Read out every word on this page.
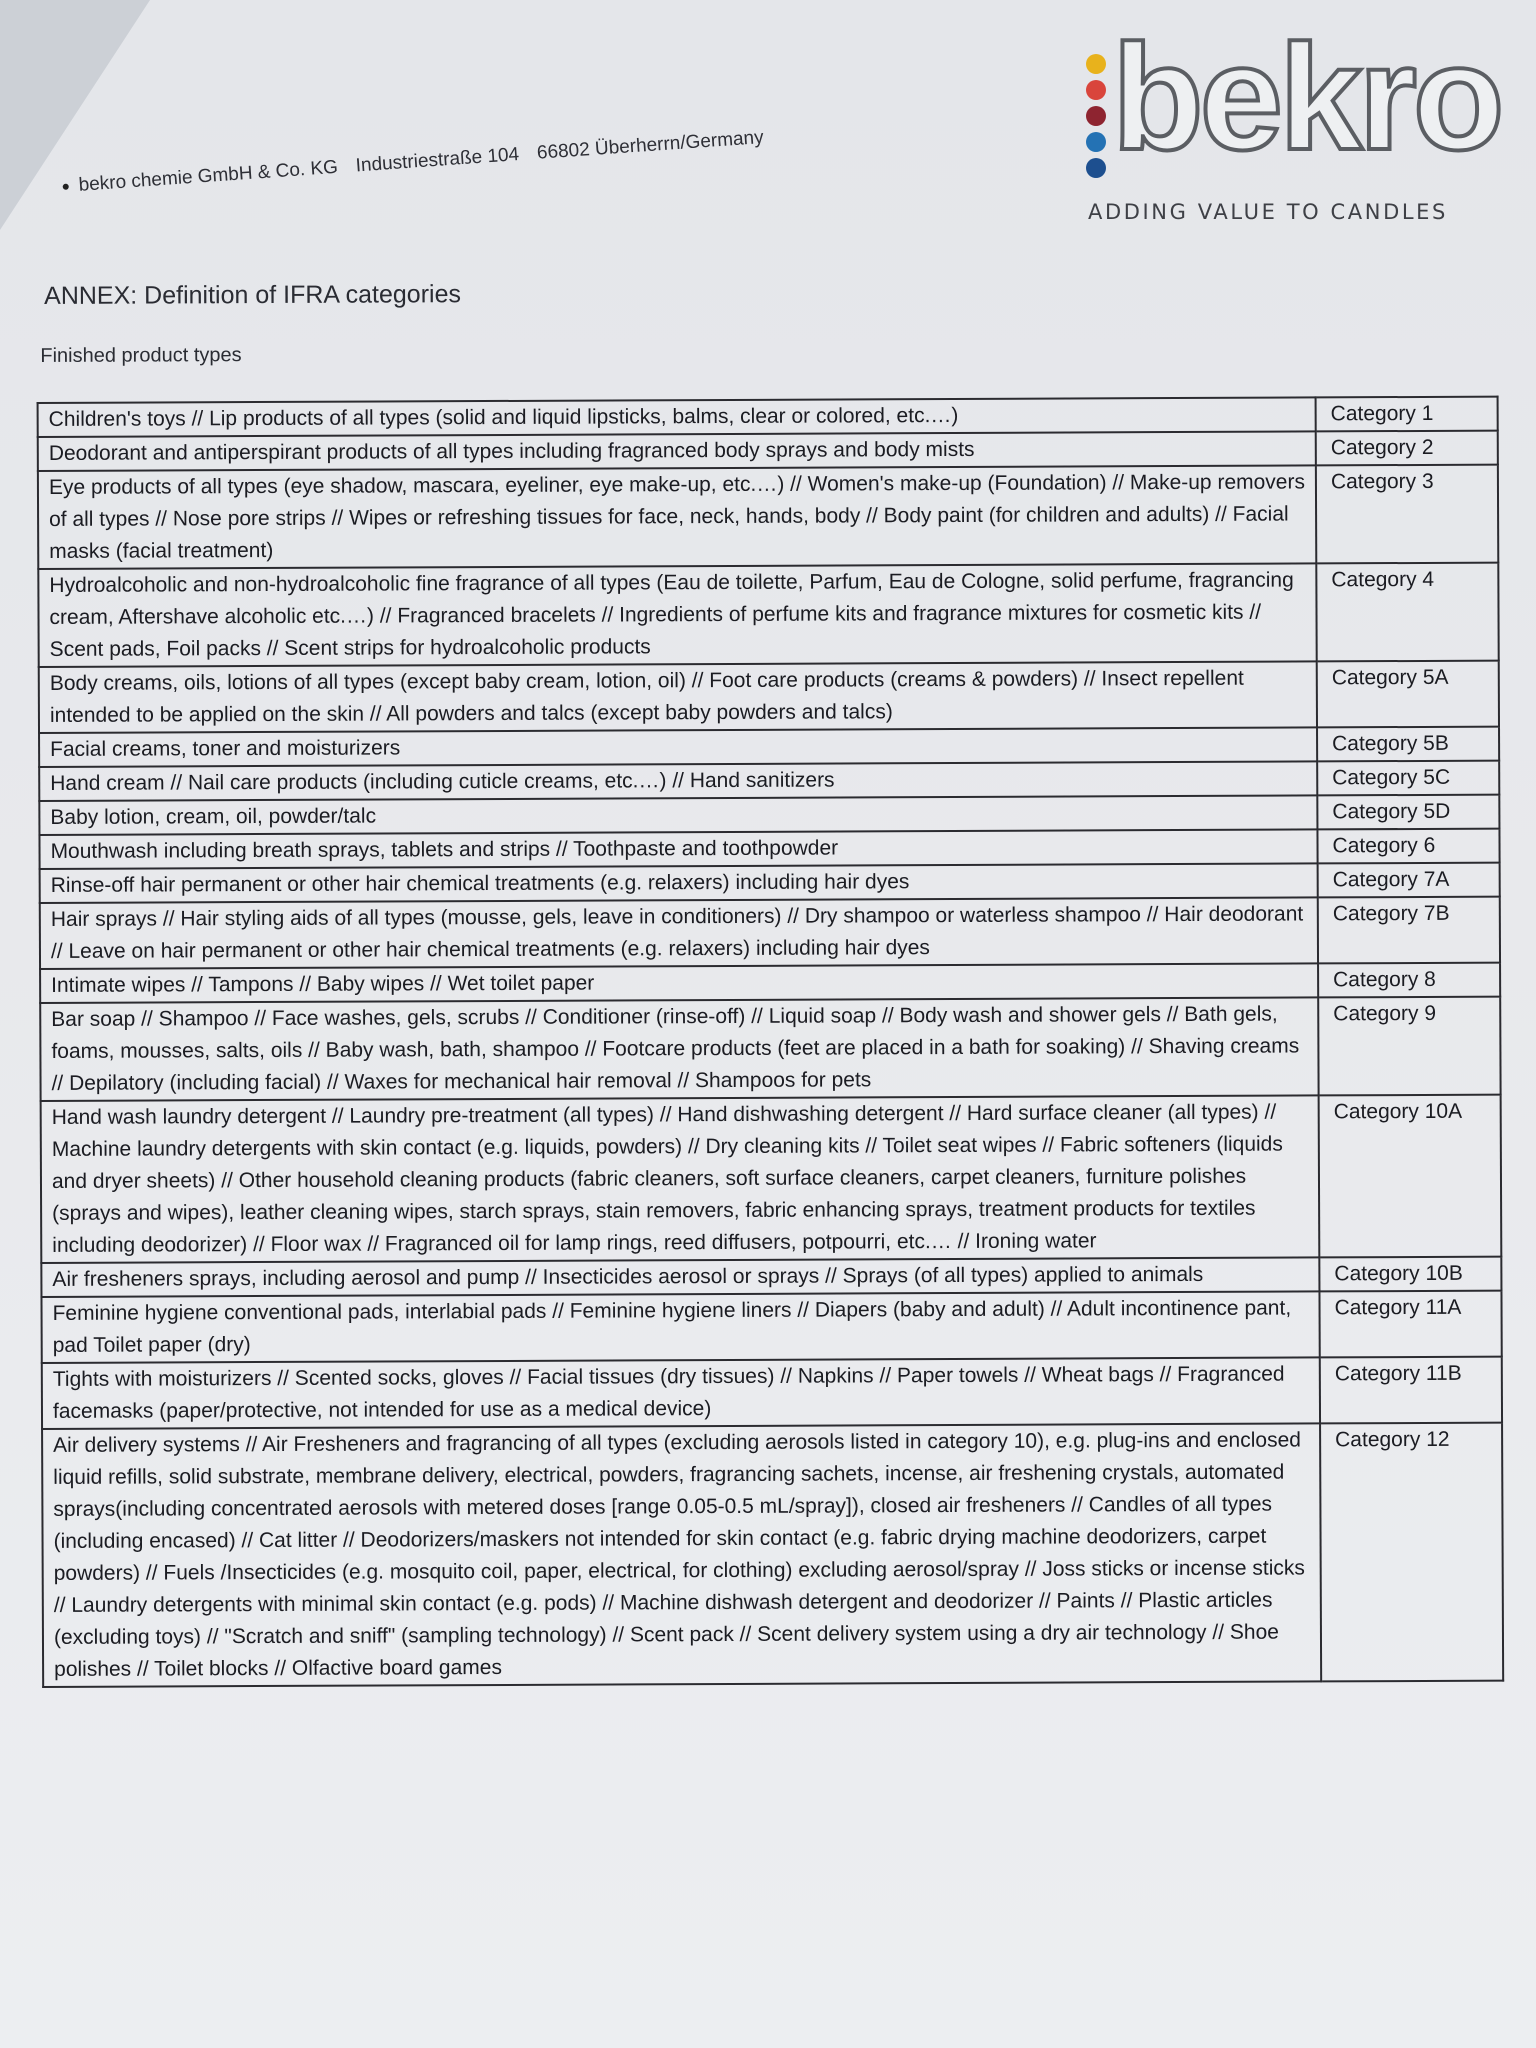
bekro chemie GmbH & Co. KG Industriestraße 104 66802 Überherrn/Germany bekro
ADDING VALUE TO CANDLES
ANNEX: Definition of IFRA categories
Finished product types
Children's toys // Lip products of all types (solid and liquid lipsticks, balms, clear or colored, etc.…)	Category 1
Deodorant and antiperspirant products of all types including fragranced body sprays and body mists	Category 2
Eye products of all types (eye shadow, mascara, eyeliner, eye make-up, etc.…) // Women's make-up (Foundation) // Make-up removers of all types // Nose pore strips // Wipes or refreshing tissues for face, neck, hands, body // Body paint (for children and adults) // Facial masks (facial treatment)	Category 3
Hydroalcoholic and non-hydroalcoholic fine fragrance of all types (Eau de toilette, Parfum, Eau de Cologne, solid perfume, fragrancing cream, Aftershave alcoholic etc.…) // Fragranced bracelets // Ingredients of perfume kits and fragrance mixtures for cosmetic kits // Scent pads, Foil packs // Scent strips for hydroalcoholic products	Category 4
Body creams, oils, lotions of all types (except baby cream, lotion, oil) // Foot care products (creams & powders) // Insect repellent intended to be applied on the skin // All powders and talcs (except baby powders and talcs)	Category 5A
Facial creams, toner and moisturizers	Category 5B
Hand cream // Nail care products (including cuticle creams, etc.…) // Hand sanitizers	Category 5C
Baby lotion, cream, oil, powder/talc	Category 5D
Mouthwash including breath sprays, tablets and strips // Toothpaste and toothpowder	Category 6
Rinse-off hair permanent or other hair chemical treatments (e.g. relaxers) including hair dyes	Category 7A
Hair sprays // Hair styling aids of all types (mousse, gels, leave in conditioners) // Dry shampoo or waterless shampoo // Hair deodorant // Leave on hair permanent or other hair chemical treatments (e.g. relaxers) including hair dyes	Category 7B
Intimate wipes // Tampons // Baby wipes // Wet toilet paper	Category 8
Bar soap // Shampoo // Face washes, gels, scrubs // Conditioner (rinse-off) // Liquid soap // Body wash and shower gels // Bath gels, foams, mousses, salts, oils // Baby wash, bath, shampoo // Footcare products (feet are placed in a bath for soaking) // Shaving creams // Depilatory (including facial) // Waxes for mechanical hair removal // Shampoos for pets	Category 9
Hand wash laundry detergent // Laundry pre-treatment (all types) // Hand dishwashing detergent // Hard surface cleaner (all types) // Machine laundry detergents with skin contact (e.g. liquids, powders) // Dry cleaning kits // Toilet seat wipes // Fabric softeners (liquids and dryer sheets) // Other household cleaning products (fabric cleaners, soft surface cleaners, carpet cleaners, furniture polishes (sprays and wipes), leather cleaning wipes, starch sprays, stain removers, fabric enhancing sprays, treatment products for textiles including deodorizer) // Floor wax // Fragranced oil for lamp rings, reed diffusers, potpourri, etc.… // Ironing water	Category 10A
Air fresheners sprays, including aerosol and pump // Insecticides aerosol or sprays // Sprays (of all types) applied to animals	Category 10B
Feminine hygiene conventional pads, interlabial pads // Feminine hygiene liners // Diapers (baby and adult) // Adult incontinence pant, pad Toilet paper (dry)	Category 11A
Tights with moisturizers // Scented socks, gloves // Facial tissues (dry tissues) // Napkins // Paper towels // Wheat bags // Fragranced facemasks (paper/protective, not intended for use as a medical device)	Category 11B
Air delivery systems // Air Fresheners and fragrancing of all types (excluding aerosols listed in category 10), e.g. plug-ins and enclosed liquid refills, solid substrate, membrane delivery, electrical, powders, fragrancing sachets, incense, air freshening crystals, automated sprays(including concentrated aerosols with metered doses [range 0.05-0.5 mL/spray]), closed air fresheners // Candles of all types (including encased) // Cat litter // Deodorizers/maskers not intended for skin contact (e.g. fabric drying machine deodorizers, carpet powders) // Fuels /Insecticides (e.g. mosquito coil, paper, electrical, for clothing) excluding aerosol/spray // Joss sticks or incense sticks // Laundry detergents with minimal skin contact (e.g. pods) // Machine dishwash detergent and deodorizer // Paints // Plastic articles (excluding toys) // "Scratch and sniff" (sampling technology) // Scent pack // Scent delivery system using a dry air technology // Shoe polishes // Toilet blocks // Olfactive board games	Category 12
